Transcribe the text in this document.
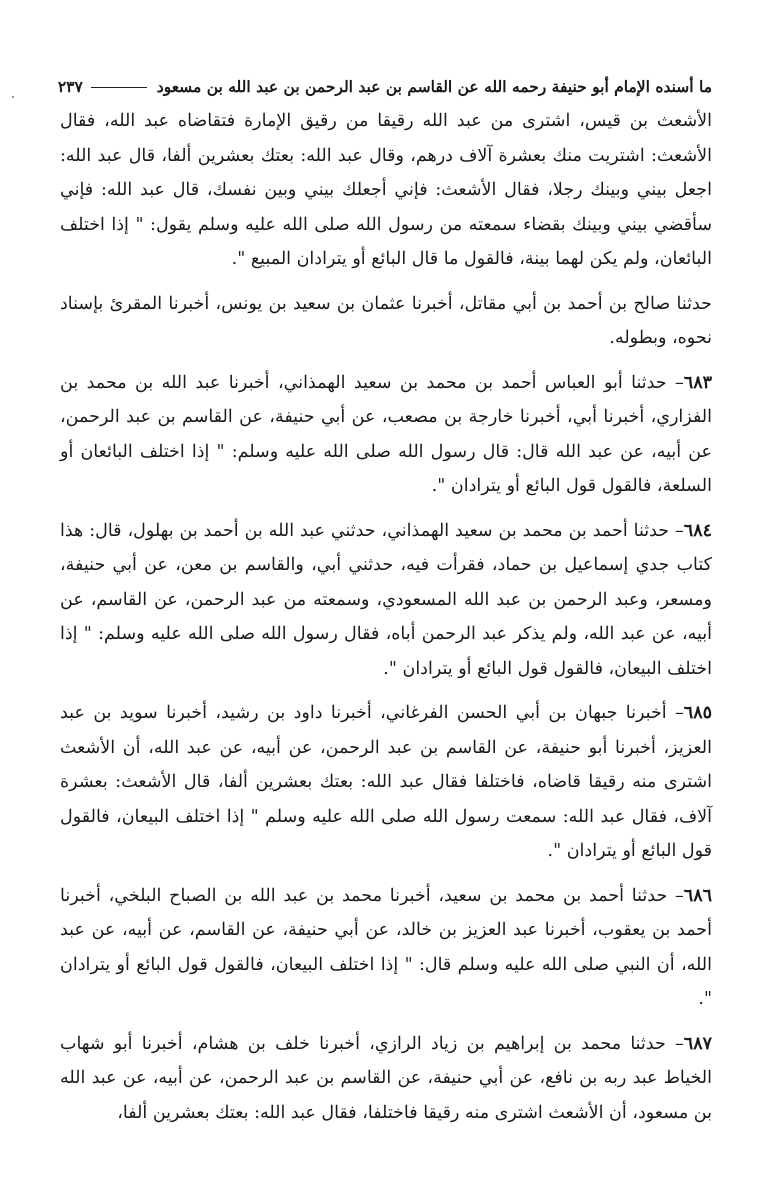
ما أسنده الإمام أبو حنيفة رحمه الله عن القاسم بن عبد الرحمن بن عبد الله بن مسعود
٢٣٧

الأشعث بن قيس، اشترى من عبد الله رقيقا من رقيق الإمارة فتقاضاه عبد الله، فقال الأشعث: اشتريت منك بعشرة آلاف درهم، وقال عبد الله: بعتك بعشرين ألفا، قال عبد الله: اجعل بيني وبينك رجلا، فقال الأشعث: فإني أجعلك بيني وبين نفسك، قال عبد الله: فإني سأقضي بيني وبينك بقضاء سمعته من رسول الله صلى الله عليه وسلم يقول: " إذا اختلف البائعان، ولم يكن لهما بينة، فالقول ما قال البائع أو يترادان المبيع ".

حدثنا صالح بن أحمد بن أبي مقاتل، أخبرنا عثمان بن سعيد بن يونس، أخبرنا المقرئ بإسناد نحوه، وبطوله.

٦٨٣– حدثنا أبو العباس أحمد بن محمد بن سعيد الهمذاني، أخبرنا عبد الله بن محمد بن الفزاري، أخبرنا أبي، أخبرنا خارجة بن مصعب، عن أبي حنيفة، عن القاسم بن عبد الرحمن، عن أبيه، عن عبد الله قال: قال رسول الله صلى الله عليه وسلم: " إذا اختلف البائعان أو السلعة، فالقول قول البائع أو يترادان ".

٦٨٤– حدثنا أحمد بن محمد بن سعيد الهمذاني، حدثني عبد الله بن أحمد بن بهلول، قال: هذا كتاب جدي إسماعيل بن حماد، فقرأت فيه، حدثني أبي، والقاسم بن معن، عن أبي حنيفة، ومسعر، وعبد الرحمن بن عبد الله المسعودي، وسمعته من عبد الرحمن، عن القاسم، عن أبيه، عن عبد الله، ولم يذكر عبد الرحمن أباه، فقال رسول الله صلى الله عليه وسلم: " إذا اختلف البيعان، فالقول قول البائع أو يترادان ".

٦٨٥– أخبرنا جبهان بن أبي الحسن الفرغاني، أخبرنا داود بن رشيد، أخبرنا سويد بن عبد العزيز، أخبرنا أبو حنيفة، عن القاسم بن عبد الرحمن، عن أبيه، عن عبد الله، أن الأشعث اشترى منه رقيقا قاضاه، فاختلفا فقال عبد الله: بعتك بعشرين ألفا، قال الأشعث: بعشرة آلاف، فقال عبد الله: سمعت رسول الله صلى الله عليه وسلم " إذا اختلف البيعان، فالقول قول البائع أو يترادان ".

٦٨٦– حدثنا أحمد بن محمد بن سعيد، أخبرنا محمد بن عبد الله بن الصباح البلخي، أخبرنا أحمد بن يعقوب، أخبرنا عبد العزيز بن خالد، عن أبي حنيفة، عن القاسم، عن أبيه، عن عبد الله، أن النبي صلى الله عليه وسلم قال: " إذا اختلف البيعان، فالقول قول البائع أو يترادان ".

٦٨٧– حدثنا محمد بن إبراهيم بن زياد الرازي، أخبرنا خلف بن هشام، أخبرنا أبو شهاب الخياط عبد ربه بن نافع، عن أبي حنيفة، عن القاسم بن عبد الرحمن، عن أبيه، عن عبد الله بن مسعود، أن الأشعث اشترى منه رقيقا فاختلفا، فقال عبد الله: بعتك بعشرين ألفا،
